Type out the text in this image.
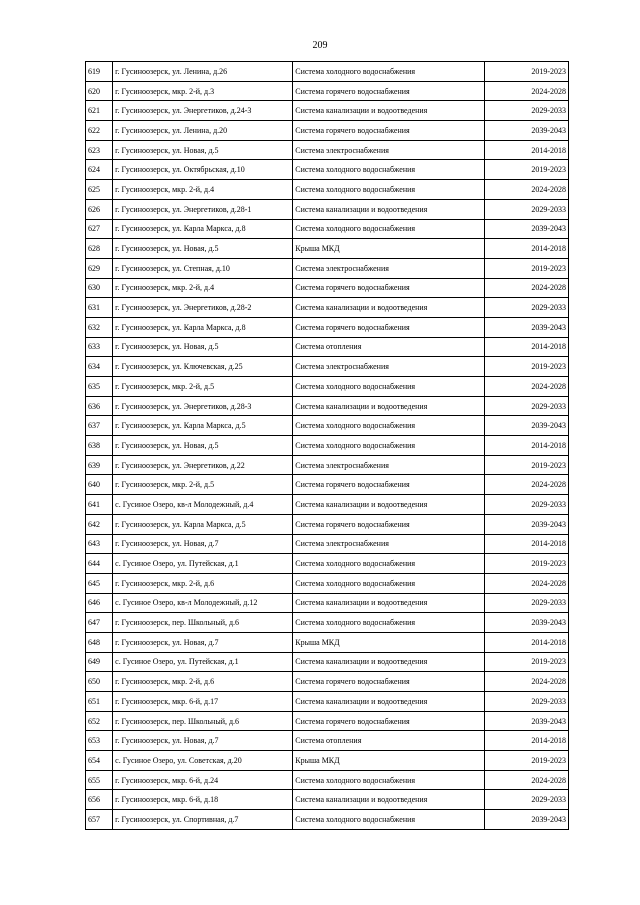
209
619	г. Гусиноозерск, ул. Ленина, д.26	Система холодного водоснабжения	2019-2023
620	г. Гусиноозерск, мкр. 2-й, д.3	Система горячего водоснабжения	2024-2028
621	г. Гусиноозерск, ул. Энергетиков, д.24-3	Система канализации и водоотведения	2029-2033
622	г. Гусиноозерск, ул. Ленина, д.20	Система горячего водоснабжения	2039-2043
623	г. Гусиноозерск, ул. Новая, д.5	Система электроснабжения	2014-2018
624	г. Гусиноозерск, ул. Октябрьская, д.10	Система холодного водоснабжения	2019-2023
625	г. Гусиноозерск, мкр. 2-й, д.4	Система холодного водоснабжения	2024-2028
626	г. Гусиноозерск, ул. Энергетиков, д.28-1	Система канализации и водоотведения	2029-2033
627	г. Гусиноозерск, ул. Карла Маркса, д.8	Система холодного водоснабжения	2039-2043
628	г. Гусиноозерск, ул. Новая, д.5	Крыша МКД	2014-2018
629	г. Гусиноозерск, ул. Степная, д.10	Система электроснабжения	2019-2023
630	г. Гусиноозерск, мкр. 2-й, д.4	Система горячего водоснабжения	2024-2028
631	г. Гусиноозерск, ул. Энергетиков, д.28-2	Система канализации и водоотведения	2029-2033
632	г. Гусиноозерск, ул. Карла Маркса, д.8	Система горячего водоснабжения	2039-2043
633	г. Гусиноозерск, ул. Новая, д.5	Система отопления	2014-2018
634	г. Гусиноозерск, ул. Ключевская, д.25	Система электроснабжения	2019-2023
635	г. Гусиноозерск, мкр. 2-й, д.5	Система холодного водоснабжения	2024-2028
636	г. Гусиноозерск, ул. Энергетиков, д.28-3	Система канализации и водоотведения	2029-2033
637	г. Гусиноозерск, ул. Карла Маркса, д.5	Система холодного водоснабжения	2039-2043
638	г. Гусиноозерск, ул. Новая, д.5	Система холодного водоснабжения	2014-2018
639	г. Гусиноозерск, ул. Энергетиков, д.22	Система электроснабжения	2019-2023
640	г. Гусиноозерск, мкр. 2-й, д.5	Система горячего водоснабжения	2024-2028
641	с. Гусиное Озеро, кв-л Молодежный, д.4	Система канализации и водоотведения	2029-2033
642	г. Гусиноозерск, ул. Карла Маркса, д.5	Система горячего водоснабжения	2039-2043
643	г. Гусиноозерск, ул. Новая, д.7	Система электроснабжения	2014-2018
644	с. Гусиное Озеро, ул. Путейская, д.1	Система холодного водоснабжения	2019-2023
645	г. Гусиноозерск, мкр. 2-й, д.6	Система холодного водоснабжения	2024-2028
646	с. Гусиное Озеро, кв-л Молодежный, д.12	Система канализации и водоотведения	2029-2033
647	г. Гусиноозерск, пер. Школьный, д.6	Система холодного водоснабжения	2039-2043
648	г. Гусиноозерск, ул. Новая, д.7	Крыша МКД	2014-2018
649	с. Гусиное Озеро, ул. Путейская, д.1	Система канализации и водоотведения	2019-2023
650	г. Гусиноозерск, мкр. 2-й, д.6	Система горячего водоснабжения	2024-2028
651	г. Гусиноозерск, мкр. 6-й, д.17	Система канализации и водоотведения	2029-2033
652	г. Гусиноозерск, пер. Школьный, д.6	Система горячего водоснабжения	2039-2043
653	г. Гусиноозерск, ул. Новая, д.7	Система отопления	2014-2018
654	с. Гусиное Озеро, ул. Советская, д.20	Крыша МКД	2019-2023
655	г. Гусиноозерск, мкр. 6-й, д.24	Система холодного водоснабжения	2024-2028
656	г. Гусиноозерск, мкр. 6-й, д.18	Система канализации и водоотведения	2029-2033
657	г. Гусиноозерск, ул. Спортивная, д.7	Система холодного водоснабжения	2039-2043
